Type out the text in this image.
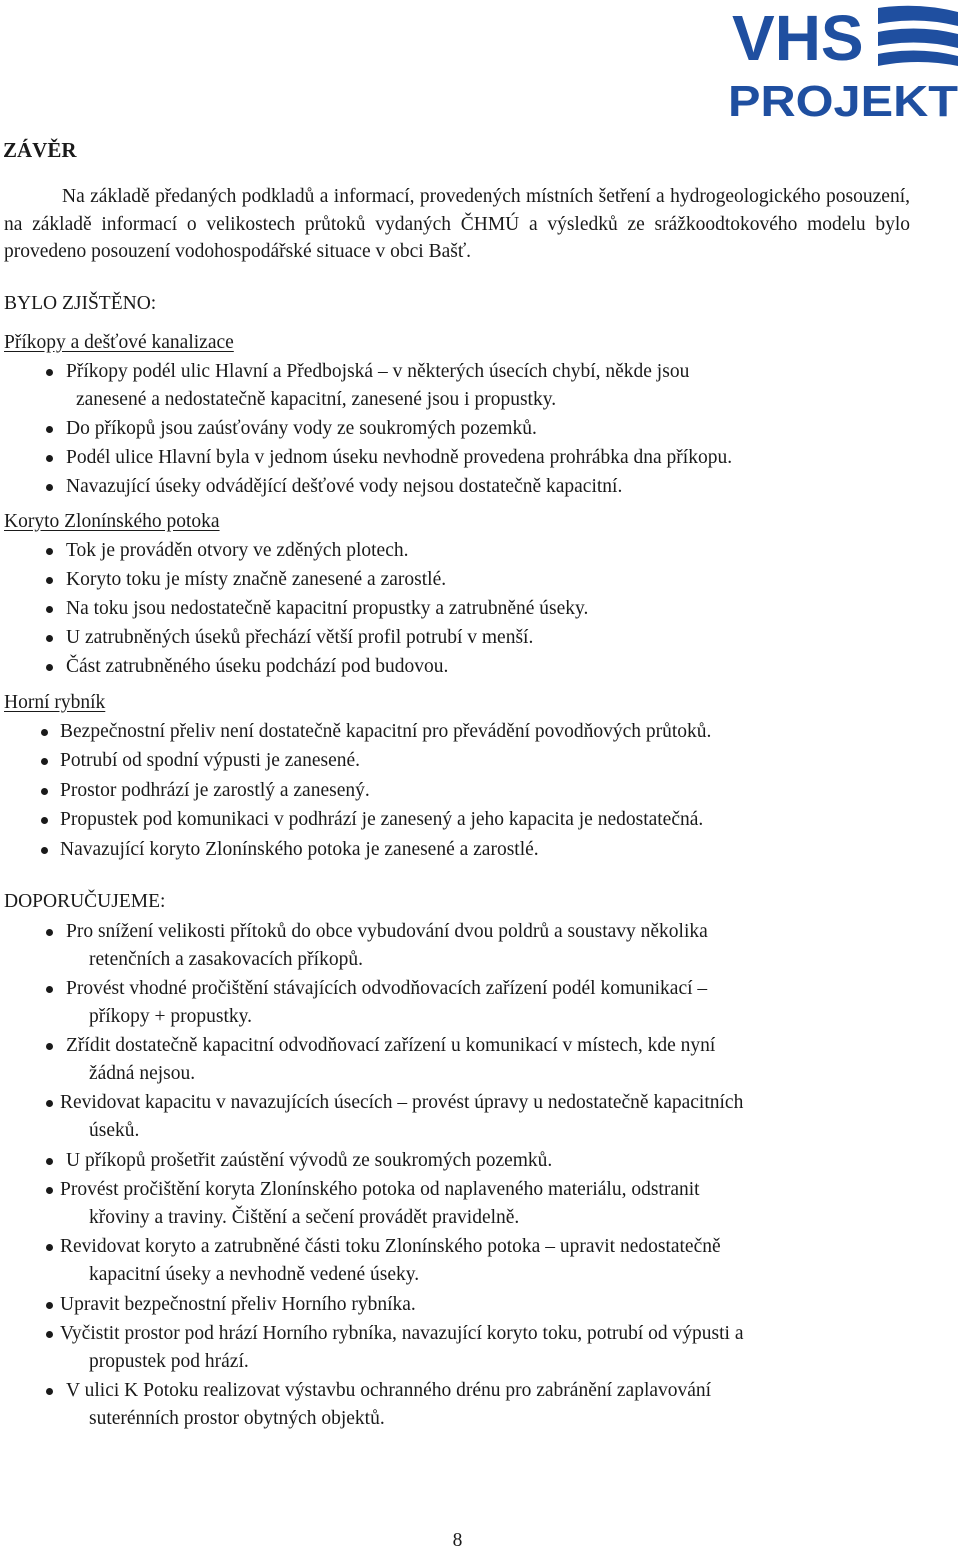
VHS
PROJEKT
ZÁVĚR

Na základě předaných podkladů a informací, provedených místních šetření a hydrogeologického posouzení, na základě informací o velikostech průtoků vydaných ČHMÚ a výsledků ze srážkoodtokového modelu bylo provedeno posouzení vodohospodářské situace v obci Bašť.

BYLO ZJIŠTĚNO:
Příkopy a dešťové kanalizace
Příkopy podél ulic Hlavní a Předbojská – v některých úsecích chybí, někde jsou
zanesené a nedostatečně kapacitní, zanesené jsou i propustky.
Do příkopů jsou zaúsťovány vody ze soukromých pozemků.
Podél ulice Hlavní byla v jednom úseku nevhodně provedena prohrábka dna příkopu.
Navazující úseky odvádějící dešťové vody nejsou dostatečně kapacitní.
Koryto Zlonínského potoka
Tok je prováděn otvory ve zděných plotech.
Koryto toku je místy značně zanesené a zarostlé.
Na toku jsou nedostatečně kapacitní propustky a zatrubněné úseky.
U zatrubněných úseků přechází větší profil potrubí v menší.
Část zatrubněného úseku podchází pod budovou.
Horní rybník
Bezpečnostní přeliv není dostatečně kapacitní pro převádění povodňových průtoků.
Potrubí od spodní výpusti je zanesené.
Prostor podhrází je zarostlý a zanesený.
Propustek pod komunikaci v podhrází je zanesený a jeho kapacita je nedostatečná.
Navazující koryto Zlonínského potoka je zanesené a zarostlé.
DOPORUČUJEME:
Pro snížení velikosti přítoků do obce vybudování dvou poldrů a soustavy několika
retenčních a zasakovacích příkopů.
Provést vhodné pročištění stávajících odvodňovacích zařízení podél komunikací –
příkopy + propustky.
Zřídit dostatečně kapacitní odvodňovací zařízení u komunikací v místech, kde nyní
žádná nejsou.
Revidovat kapacitu v navazujících úsecích – provést úpravy u nedostatečně kapacitních
úseků.
U příkopů prošetřit zaústění vývodů ze soukromých pozemků.
Provést pročištění koryta Zlonínského potoka od naplaveného materiálu, odstranit
křoviny a traviny. Čištění a sečení provádět pravidelně.
Revidovat koryto a zatrubněné části toku Zlonínského potoka – upravit nedostatečně
kapacitní úseky a nevhodně vedené úseky.
Upravit bezpečnostní přeliv Horního rybníka.
Vyčistit prostor pod hrází Horního rybníka, navazující koryto toku, potrubí od výpusti a
propustek pod hrází.
V ulici K Potoku realizovat výstavbu ochranného drénu pro zabránění zaplavování
suterénních prostor obytných objektů.
8
